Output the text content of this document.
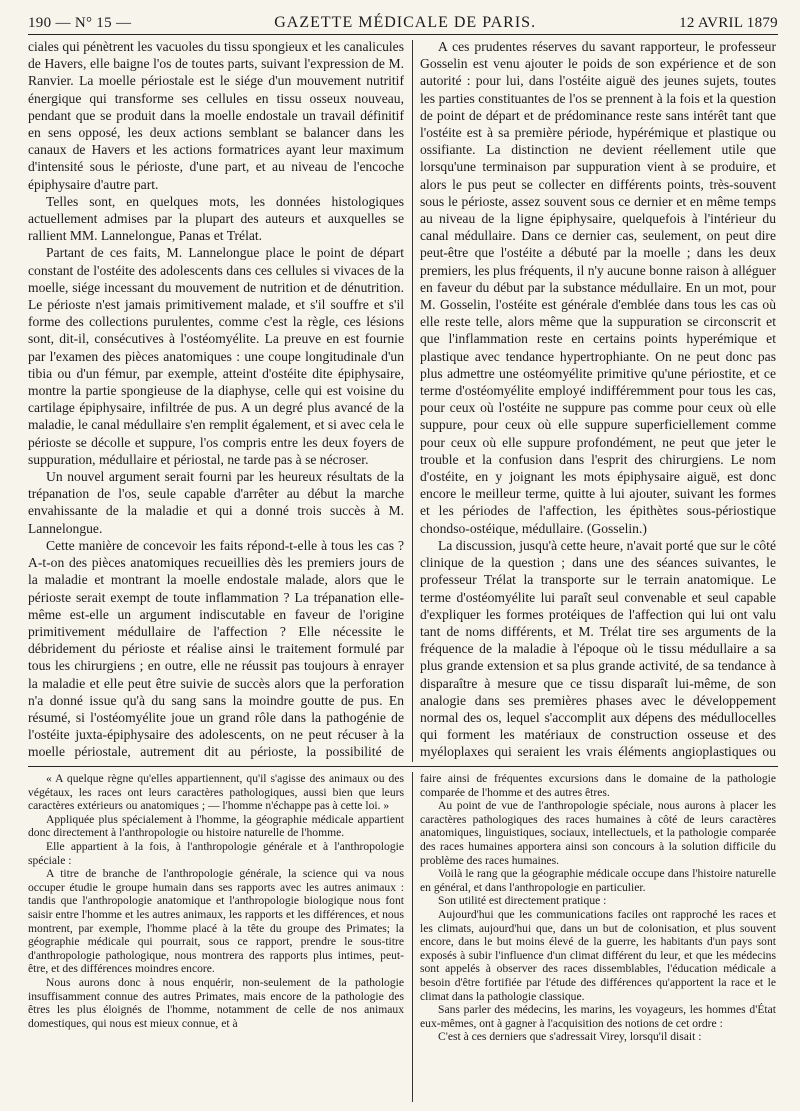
190 — N° 15 —	GAZETTE MÉDICALE DE PARIS.	12 AVRIL 1879

ciales qui pénètrent les vacuoles du tissu spongieux et les canalicules de Havers, elle baigne l'os de toutes parts, suivant l'expression de M. Ranvier. La moelle périostale est le siége d'un mouvement nutritif énergique qui transforme ses cellules en tissu osseux nouveau, pendant que se produit dans la moelle endostale un travail définitif en sens opposé, les deux actions semblant se balancer dans les canaux de Havers et les actions formatrices ayant leur maximum d'intensité sous le périoste, d'une part, et au niveau de l'encoche épiphysaire d'autre part.

Telles sont, en quelques mots, les données histologiques actuellement admises par la plupart des auteurs et auxquelles se rallient MM. Lannelongue, Panas et Trélat.

Partant de ces faits, M. Lannelongue place le point de départ constant de l'ostéite des adolescents dans ces cellules si vivaces de la moelle, siége incessant du mouvement de nutrition et de dénutrition. Le périoste n'est jamais primitivement malade, et s'il souffre et s'il forme des collections purulentes, comme c'est la règle, ces lésions sont, dit-il, consécutives à l'ostéomyélite. La preuve en est fournie par l'examen des pièces anatomiques : une coupe longitudinale d'un tibia ou d'un fémur, par exemple, atteint d'ostéite dite épiphysaire, montre la partie spongieuse de la diaphyse, celle qui est voisine du cartilage épiphysaire, infiltrée de pus. A un degré plus avancé de la maladie, le canal médullaire s'en remplit également, et si avec cela le périoste se décolle et suppure, l'os compris entre les deux foyers de suppuration, médullaire et périostal, ne tarde pas à se nécroser.

Un nouvel argument serait fourni par les heureux résultats de la trépanation de l'os, seule capable d'arrêter au début la marche envahissante de la maladie et qui a donné trois succès à M. Lannelongue.

Cette manière de concevoir les faits répond-t-elle à tous les cas ? A-t-on des pièces anatomiques recueillies dès les premiers jours de la maladie et montrant la moelle endostale malade, alors que le périoste serait exempt de toute inflammation ? La trépanation elle-même est-elle un argument indiscutable en faveur de l'origine primitivement médullaire de l'affection ? Elle nécessite le débridement du périoste et réalise ainsi le traitement formulé par tous les chirurgiens ; en outre, elle ne réussit pas toujours à enrayer la maladie et elle peut être suivie de succès alors que la perforation n'a donné issue qu'à du sang sans la moindre goutte de pus. En résumé, si l'ostéomyélite joue un grand rôle dans la pathogénie de l'ostéite juxta-épiphysaire des adolescents, on ne peut récuser à la moelle périostale, autrement dit au périoste, la possibilité de

A ces prudentes réserves du savant rapporteur, le professeur Gosselin est venu ajouter le poids de son expérience et de son autorité : pour lui, dans l'ostéite aiguë des jeunes sujets, toutes les parties constituantes de l'os se prennent à la fois et la question de point de départ et de prédominance reste sans intérêt tant que l'ostéite est à sa première période, hypérémique et plastique ou ossifiante. La distinction ne devient réellement utile que lorsqu'une terminaison par suppuration vient à se produire, et alors le pus peut se collecter en différents points, très-souvent sous le périoste, assez souvent sous ce dernier et en même temps au niveau de la ligne épiphysaire, quelquefois à l'intérieur du canal médullaire. Dans ce dernier cas, seulement, on peut dire peut-être que l'ostéite a débuté par la moelle ; dans les deux premiers, les plus fréquents, il n'y aucune bonne raison à alléguer en faveur du début par la substance médullaire. En un mot, pour M. Gosselin, l'ostéite est générale d'emblée dans tous les cas où elle reste telle, alors même que la suppuration se circonscrit et que l'inflammation reste en certains points hyperémique et plastique avec tendance hypertrophiante. On ne peut donc pas plus admettre une ostéomyélite primitive qu'une périostite, et ce terme d'ostéomyélite employé indifféremment pour tous les cas, pour ceux où l'ostéite ne suppure pas comme pour ceux où elle suppure, pour ceux où elle suppure superficiellement comme pour ceux où elle suppure profondément, ne peut que jeter le trouble et la confusion dans l'esprit des chirurgiens. Le nom d'ostéite, en y joignant les mots épiphysaire aiguë, est donc encore le meilleur terme, quitte à lui ajouter, suivant les formes et les périodes de l'affection, les épithètes sous-périostique chondso-ostéique, médullaire. (Gosselin.)

La discussion, jusqu'à cette heure, n'avait porté que sur le côté clinique de la question ; dans une des séances suivantes, le professeur Trélat la transporte sur le terrain anatomique. Le terme d'ostéomyélite lui paraît seul convenable et seul capable d'expliquer les formes protéiques de l'affection qui lui ont valu tant de noms différents, et M. Trélat tire ses arguments de la fréquence de la maladie à l'époque où le tissu médullaire a sa plus grande extension et sa plus grande activité, de sa tendance à disparaître à mesure que ce tissu disparaît lui-même, de son analogie dans ses premières phases avec le développement normal des os, lequel s'accomplit aux dépens des médullocelles qui forment les matériaux de construction osseuse et des myéloplaxes qui seraient les vrais éléments angioplastiques ou

« A quelque règne qu'elles appartiennent, qu'il s'agisse des animaux ou des végétaux, les races ont leurs caractères pathologiques, aussi bien que leurs caractères extérieurs ou anatomiques ; — l'homme n'échappe pas à cette loi. »

Appliquée plus spécialement à l'homme, la géographie médicale appartient donc directement à l'anthropologie ou histoire naturelle de l'homme.

Elle appartient à la fois, à l'anthropologie générale et à l'anthropologie spéciale :

A titre de branche de l'anthropologie générale, la science qui va nous occuper étudie le groupe humain dans ses rapports avec les autres animaux : tandis que l'anthropologie anatomique et l'anthropologie biologique nous font saisir entre l'homme et les autres animaux, les rapports et les différences, et nous montrent, par exemple, l'homme placé à la tête du groupe des Primates; la géographie médicale qui pourrait, sous ce rapport, prendre le sous-titre d'anthropologie pathologique, nous montrera des rapports plus intimes, peut-être, et des différences moindres encore.

Nous aurons donc à nous enquérir, non-seulement de la pathologie insuffisamment connue des autres Primates, mais encore de la pathologie des êtres les plus éloignés de l'homme, notamment de celle de nos animaux domestiques, qui nous est mieux connue, et à

faire ainsi de fréquentes excursions dans le domaine de la pathologie comparée de l'homme et des autres êtres.

Au point de vue de l'anthropologie spéciale, nous aurons à placer les caractères pathologiques des races humaines à côté de leurs caractères anatomiques, linguistiques, sociaux, intellectuels, et la pathologie comparée des races humaines apportera ainsi son concours à la solution difficile du problème des races humaines.

Voilà le rang que la géographie médicale occupe dans l'histoire naturelle en général, et dans l'anthropologie en particulier.

Son utilité est directement pratique :

Aujourd'hui que les communications faciles ont rapproché les races et les climats, aujourd'hui que, dans un but de colonisation, et plus souvent encore, dans le but moins élevé de la guerre, les habitants d'un pays sont exposés à subir l'influence d'un climat différent du leur, et que les médecins sont appelés à observer des races dissemblables, l'éducation médicale a besoin d'être fortifiée par l'étude des différences qu'apportent la race et le climat dans la pathologie classique.

Sans parler des médecins, les marins, les voyageurs, les hommes d'État eux-mêmes, ont à gagner à l'acquisition des notions de cet ordre :

C'est à ces derniers que s'adressait Virey, lorsqu'il disait :
